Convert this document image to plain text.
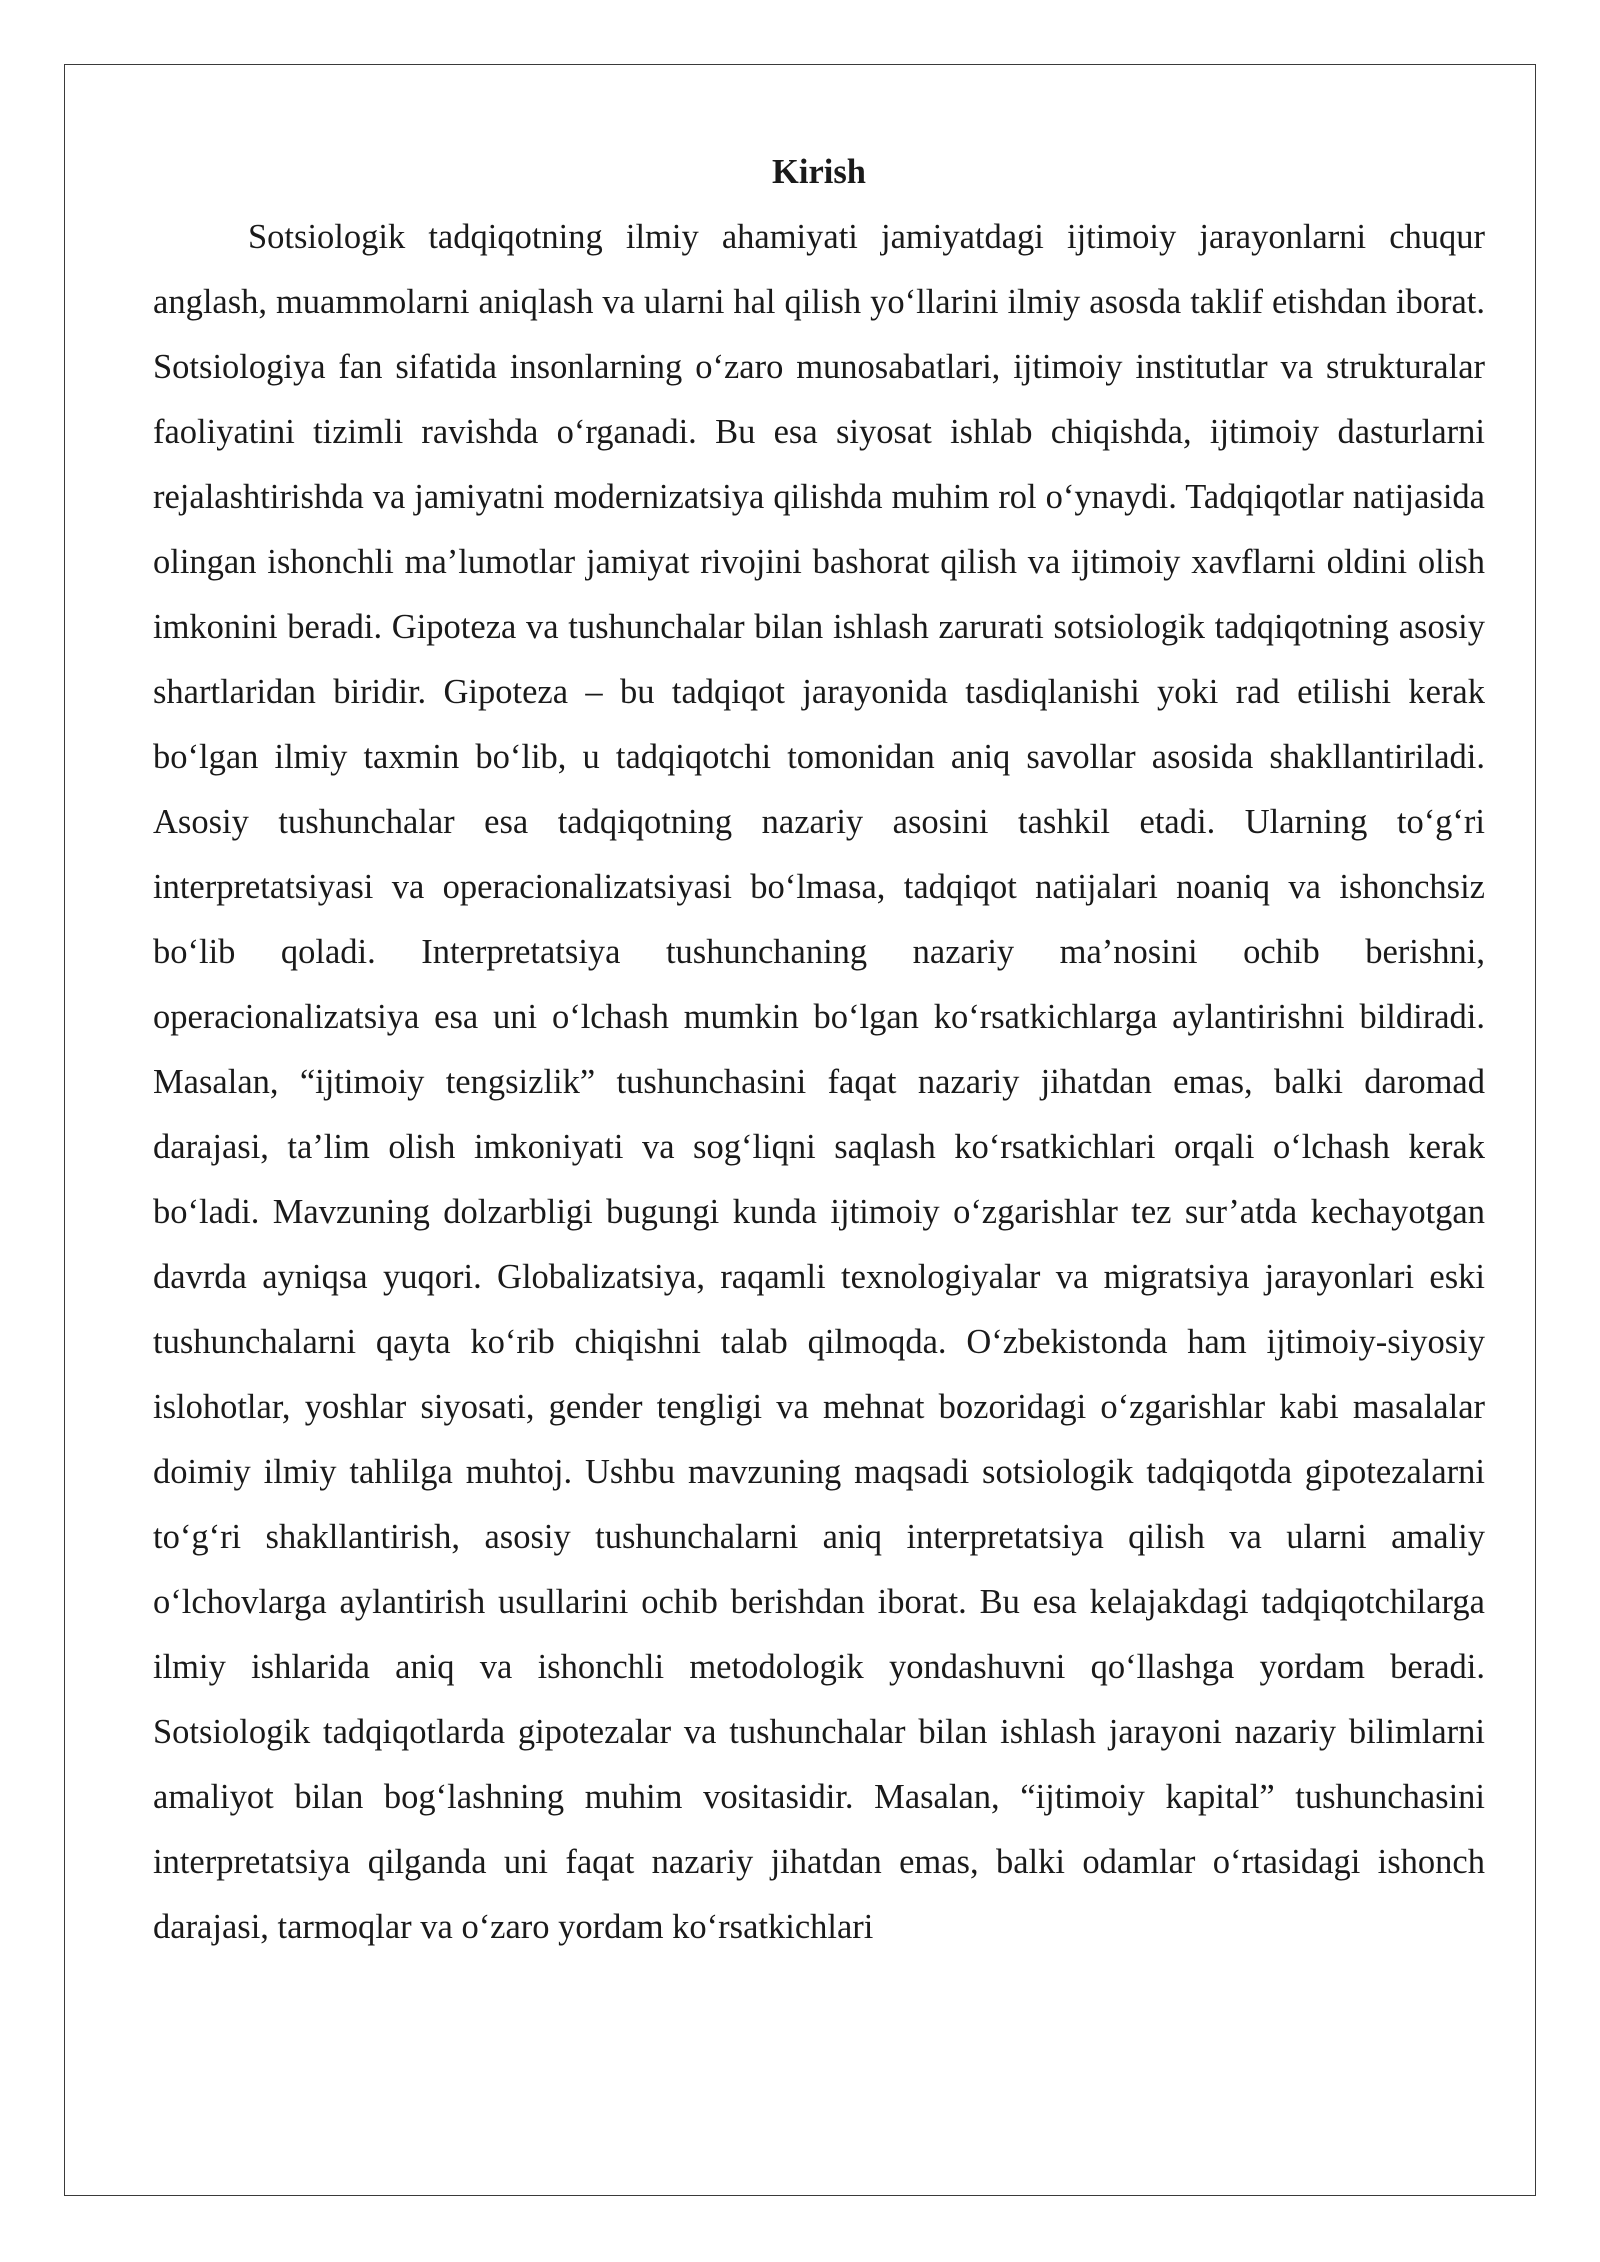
Kirish

Sotsiologik tadqiqotning ilmiy ahamiyati jamiyatdagi ijtimoiy jarayonlarni chuqur anglash, muammolarni aniqlash va ularni hal qilish yo‘llarini ilmiy asosda taklif etishdan iborat. Sotsiologiya fan sifatida insonlarning o‘zaro munosabatlari, ijtimoiy institutlar va strukturalar faoliyatini tizimli ravishda o‘rganadi. Bu esa siyosat ishlab chiqishda, ijtimoiy dasturlarni rejalashtirishda va jamiyatni modernizatsiya qilishda muhim rol o‘ynaydi. Tadqiqotlar natijasida olingan ishonchli ma’lumotlar jamiyat rivojini bashorat qilish va ijtimoiy xavflarni oldini olish imkonini beradi. Gipoteza va tushunchalar bilan ishlash zarurati sotsiologik tadqiqotning asosiy shartlaridan biridir. Gipoteza – bu tadqiqot jarayonida tasdiqlanishi yoki rad etilishi kerak bo‘lgan ilmiy taxmin bo‘lib, u tadqiqotchi tomonidan aniq savollar asosida shakllantiriladi. Asosiy tushunchalar esa tadqiqotning nazariy asosini tashkil etadi. Ularning to‘g‘ri interpretatsiyasi va operacionalizatsiyasi bo‘lmasa, tadqiqot natijalari noaniq va ishonchsiz bo‘lib qoladi. Interpretatsiya tushunchaning nazariy ma’nosini ochib berishni, operacionalizatsiya esa uni o‘lchash mumkin bo‘lgan ko‘rsatkichlarga aylantirishni bildiradi. Masalan, “ijtimoiy tengsizlik” tushunchasini faqat nazariy jihatdan emas, balki daromad darajasi, ta’lim olish imkoniyati va sog‘liqni saqlash ko‘rsatkichlari orqali o‘lchash kerak bo‘ladi. Mavzuning dolzarbligi bugungi kunda ijtimoiy o‘zgarishlar tez sur’atda kechayotgan davrda ayniqsa yuqori. Globalizatsiya, raqamli texnologiyalar va migratsiya jarayonlari eski tushunchalarni qayta ko‘rib chiqishni talab qilmoqda. O‘zbekistonda ham ijtimoiy-siyosiy islohotlar, yoshlar siyosati, gender tengligi va mehnat bozoridagi o‘zgarishlar kabi masalalar doimiy ilmiy tahlilga muhtoj. Ushbu mavzuning maqsadi sotsiologik tadqiqotda gipotezalarni to‘g‘ri shakllantirish, asosiy tushunchalarni aniq interpretatsiya qilish va ularni amaliy o‘lchovlarga aylantirish usullarini ochib berishdan iborat. Bu esa kelajakdagi tadqiqotchilarga ilmiy ishlarida aniq va ishonchli metodologik yondashuvni qo‘llashga yordam beradi. Sotsiologik tadqiqotlarda gipotezalar va tushunchalar bilan ishlash jarayoni nazariy bilimlarni amaliyot bilan bog‘lashning muhim vositasidir. Masalan, “ijtimoiy kapital” tushunchasini interpretatsiya qilganda uni faqat nazariy jihatdan emas, balki odamlar o‘rtasidagi ishonch darajasi, tarmoqlar va o‘zaro yordam ko‘rsatkichlari
